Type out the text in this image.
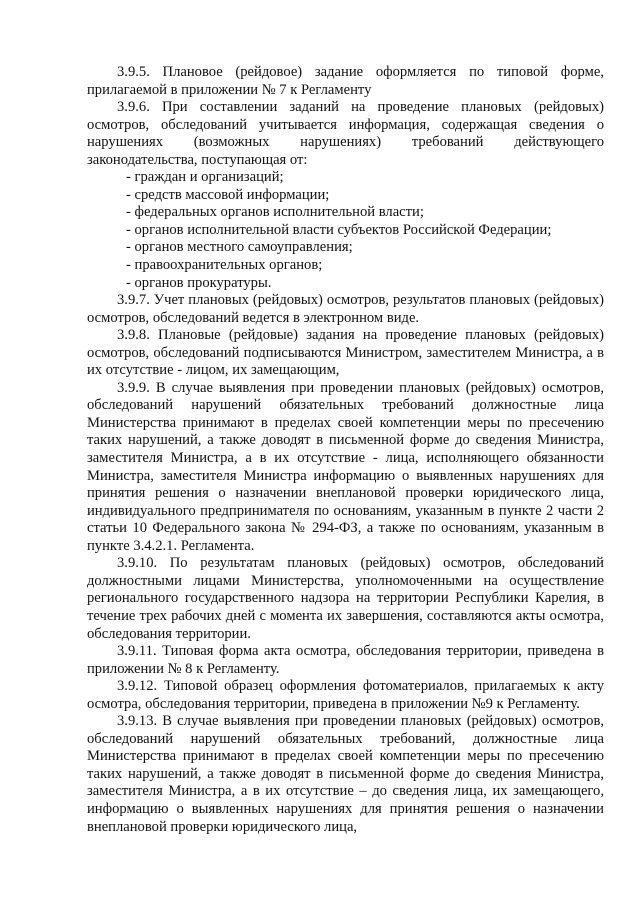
3.9.5. Плановое (рейдовое) задание оформляется по типовой форме, прилагаемой в приложении № 7 к Регламенту

3.9.6. При составлении заданий на проведение плановых (рейдовых) осмотров, обследований учитывается информация, содержащая сведения о нарушениях (возможных нарушениях) требований действующего законодательства, поступающая от:

- граждан и организаций;
- средств массовой информации;
- федеральных органов исполнительной власти;
- органов исполнительной власти субъектов Российской Федерации;
- органов местного самоуправления;
- правоохранительных органов;
- органов прокуратуры.

3.9.7. Учет плановых (рейдовых) осмотров, результатов плановых (рейдовых) осмотров, обследований ведется в электронном виде.

3.9.8. Плановые (рейдовые) задания на проведение плановых (рейдовых) осмотров, обследований подписываются Министром, заместителем Министра, а в их отсутствие - лицом, их замещающим,

3.9.9. В случае выявления при проведении плановых (рейдовых) осмотров, обследований нарушений обязательных требований должностные лица Министерства принимают в пределах своей компетенции меры по пресечению таких нарушений, а также доводят в письменной форме до сведения Министра, заместителя Министра, а в их отсутствие - лица, исполняющего обязанности Министра, заместителя Министра информацию о выявленных нарушениях для принятия решения о назначении внеплановой проверки юридического лица, индивидуального предпринимателя по основаниям, указанным в пункте 2 части 2 статьи 10 Федерального закона № 294-ФЗ, а также по основаниям, указанным в пункте 3.4.2.1. Регламента.

3.9.10. По результатам плановых (рейдовых) осмотров, обследований должностными лицами Министерства, уполномоченными на осуществление регионального государственного надзора на территории Республики Карелия, в течение трех рабочих дней с момента их завершения, составляются акты осмотра, обследования территории.

3.9.11. Типовая форма акта осмотра, обследования территории, приведена в приложении № 8 к Регламенту.

3.9.12. Типовой образец оформления фотоматериалов, прилагаемых к акту осмотра, обследования территории, приведена в приложении №9 к Регламенту.

3.9.13. В случае выявления при проведении плановых (рейдовых) осмотров, обследований нарушений обязательных требований, должностные лица Министерства принимают в пределах своей компетенции меры по пресечению таких нарушений, а также доводят в письменной форме до сведения Министра, заместителя Министра, а в их отсутствие – до сведения лица, их замещающего, информацию о выявленных нарушениях для принятия решения о назначении внеплановой проверки юридического лица,
